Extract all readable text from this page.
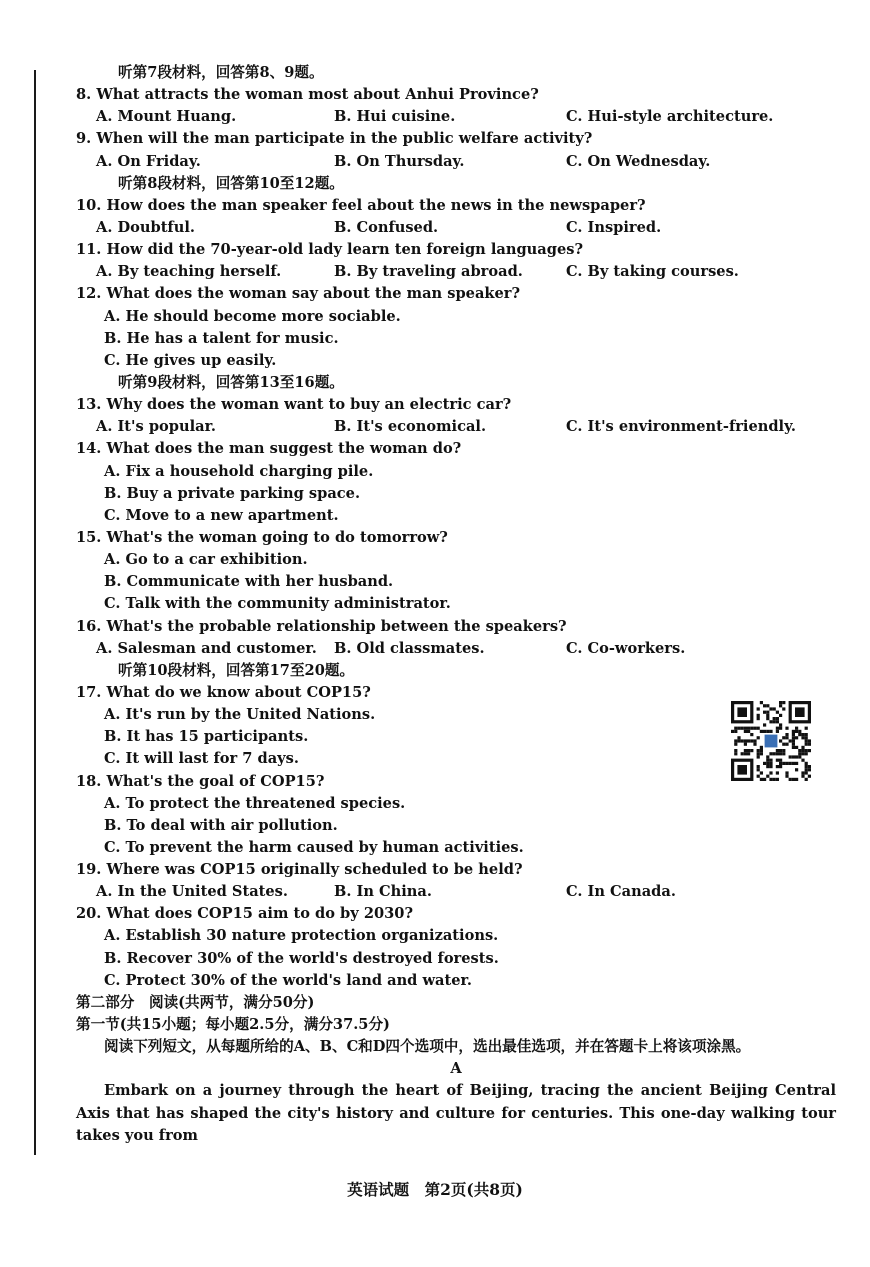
听第7段材料，回答第8、9题。
8. What attracts the woman most about Anhui Province?
A. Mount Huang.	B. Hui cuisine.	C. Hui-style architecture.
9. When will the man participate in the public welfare activity?
A. On Friday.	B. On Thursday.	C. On Wednesday.
听第8段材料，回答第10至12题。
10. How does the man speaker feel about the news in the newspaper?
A. Doubtful.	B. Confused.	C. Inspired.
11. How did the 70-year-old lady learn ten foreign languages?
A. By teaching herself.	B. By traveling abroad.	C. By taking courses.
12. What does the woman say about the man speaker?
A. He should become more sociable.
B. He has a talent for music.
C. He gives up easily.
听第9段材料，回答第13至16题。
13. Why does the woman want to buy an electric car?
A. It's popular.	B. It's economical.	C. It's environment-friendly.
14. What does the man suggest the woman do?
A. Fix a household charging pile.
B. Buy a private parking space.
C. Move to a new apartment.
15. What's the woman going to do tomorrow?
A. Go to a car exhibition.
B. Communicate with her husband.
C. Talk with the community administrator.
16. What's the probable relationship between the speakers?
A. Salesman and customer.	B. Old classmates.	C. Co-workers.
听第10段材料，回答第17至20题。
17. What do we know about COP15?
A. It's run by the United Nations.
B. It has 15 participants.
C. It will last for 7 days.
18. What's the goal of COP15?
A. To protect the threatened species.
B. To deal with air pollution.
C. To prevent the harm caused by human activities.
19. Where was COP15 originally scheduled to be held?
A. In the United States.	B. In China.	C. In Canada.
20. What does COP15 aim to do by 2030?
A. Establish 30 nature protection organizations.
B. Recover 30% of the world's destroyed forests.
C. Protect 30% of the world's land and water.
第二部分　阅读(共两节，满分50分)
第一节(共15小题；每小题2.5分，满分37.5分)
阅读下列短文，从每题所给的A、B、C和D四个选项中，选出最佳选项，并在答题卡上将该项涂黑。
A
Embark on a journey through the heart of Beijing, tracing the ancient Beijing Central Axis that has shaped the city's history and culture for centuries. This one-day walking tour takes you from
英语试题　第2页(共8页)
